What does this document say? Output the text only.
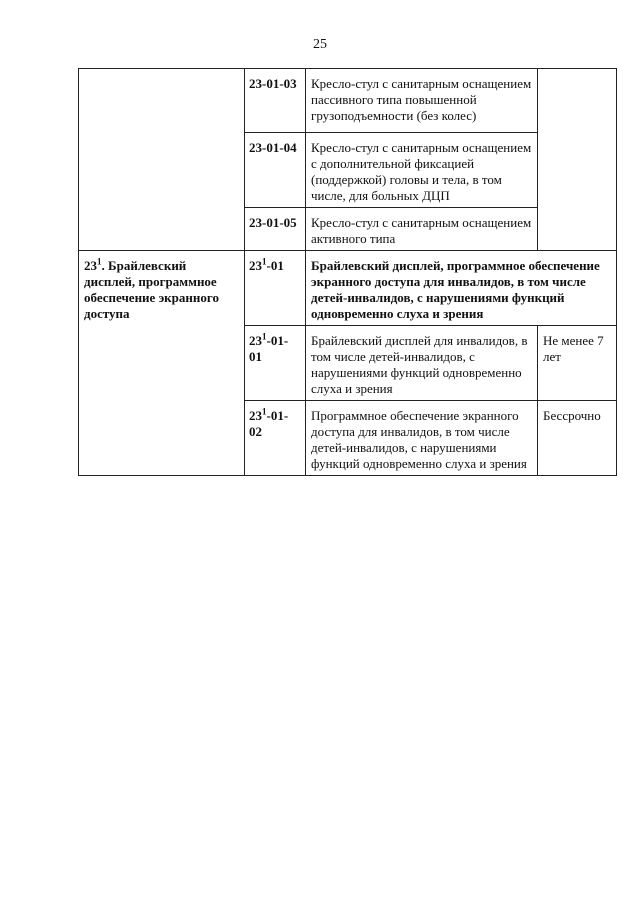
25
	23-01-03	Кресло-стул с санитарным оснащением пассивного типа повышенной грузоподъемности (без колес)	
	23-01-04	Кресло-стул с санитарным оснащением с дополнительной фиксацией (поддержкой) головы и тела, в том числе, для больных ДЦП	
	23-01-05	Кресло-стул с санитарным оснащением активного типа	
$23^1$. Брайлевский дисплей, программное обеспечение экранного доступа	$23^1-01$	Брайлевский дисплей, программное обеспечение экранного доступа для инвалидов, в том числе детей-инвалидов, с нарушениями функций одновременно слуха и зрения	
	$23^1-01-01$	Брайлевский дисплей для инвалидов, в том числе детей-инвалидов, с нарушениями функций одновременно слуха и зрения	Не менее 7 лет
	$23^1-01-02$	Программное обеспечение экранного доступа для инвалидов, в том числе детей-инвалидов, с нарушениями функций одновременно слуха и зрения	Бессрочно
